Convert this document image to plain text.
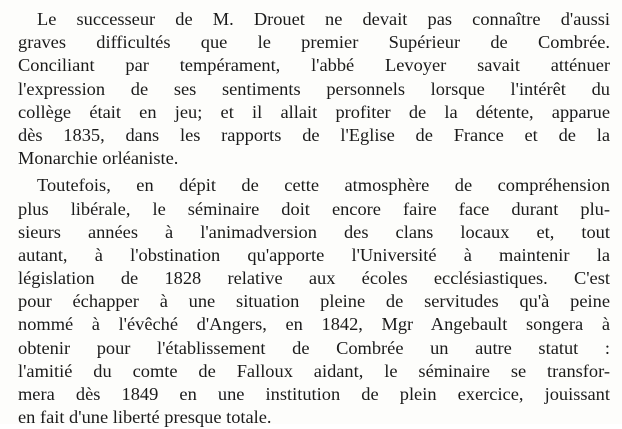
Le successeur de M. Drouet ne devait pas connaître d'aussi
graves difficultés que le premier Supérieur de Combrée.
Conciliant par tempérament, l'abbé Levoyer savait atténuer
l'expression de ses sentiments personnels lorsque l'intérêt du
collège était en jeu; et il allait profiter de la détente, apparue
dès 1835, dans les rapports de l'Eglise de France et de la
Monarchie orléaniste.
Toutefois, en dépit de cette atmosphère de compréhension
plus libérale, le séminaire doit encore faire face durant plu-
sieurs années à l'animadversion des clans locaux et, tout
autant, à l'obstination qu'apporte l'Université à maintenir la
législation de 1828 relative aux écoles ecclésiastiques. C'est
pour échapper à une situation pleine de servitudes qu'à peine
nommé à l'évêché d'Angers, en 1842, Mgr Angebault songera à
obtenir pour l'établissement de Combrée un autre statut :
l'amitié du comte de Falloux aidant, le séminaire se transfor-
mera dès 1849 en une institution de plein exercice, jouissant
en fait d'une liberté presque totale.
